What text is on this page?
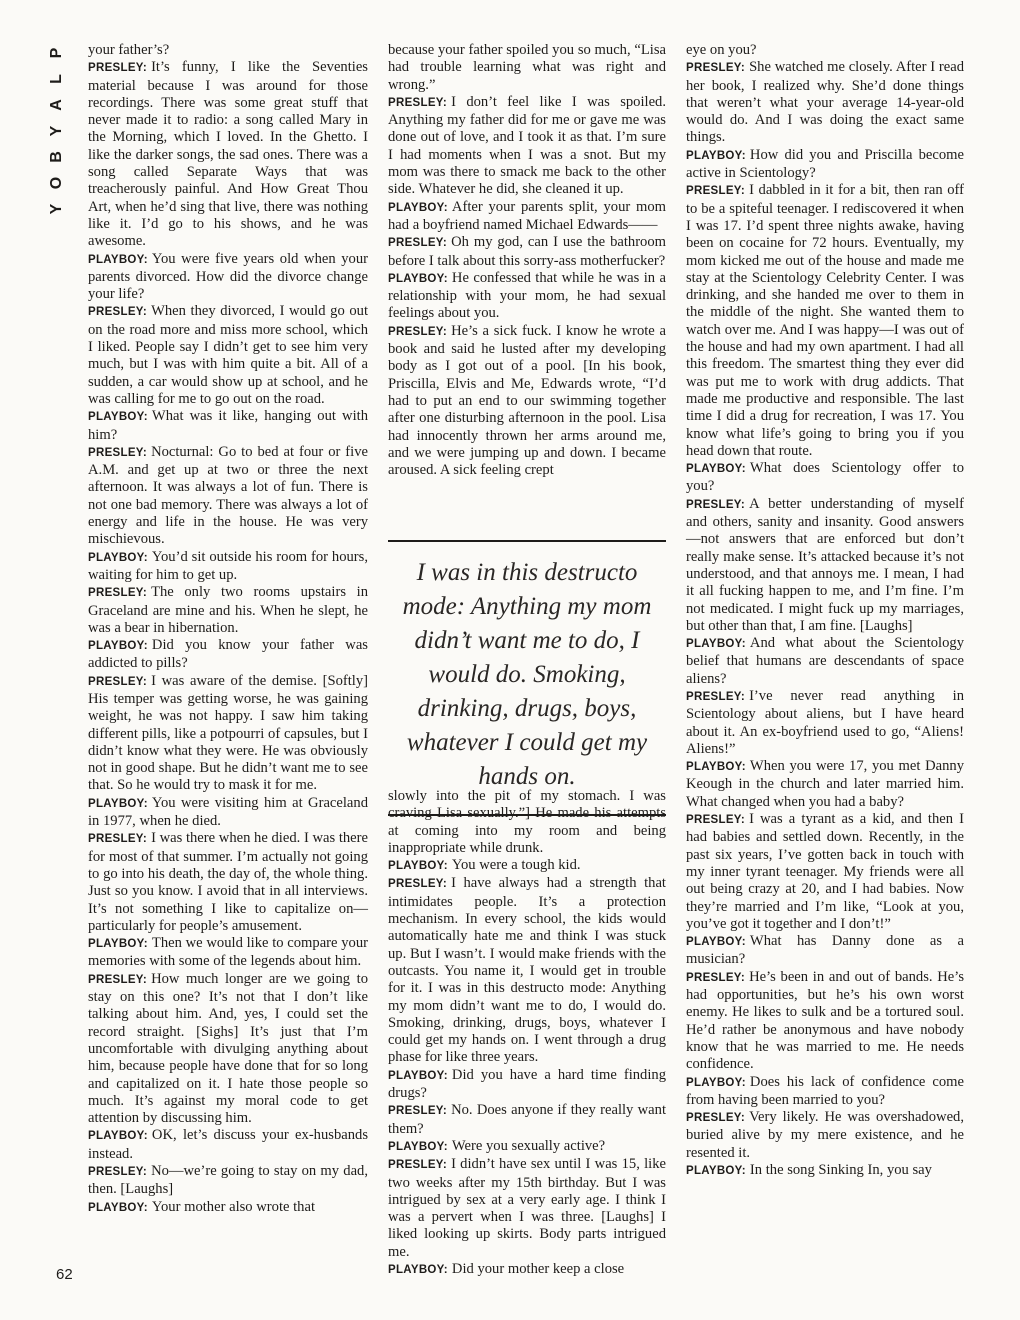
P
L
A
Y
B
O
Y
62

your father’s?

PRESLEY: It’s funny, I like the Seventies material because I was around for those recordings. There was some great stuff that never made it to radio: a song called Mary in the Morning, which I loved. In the Ghetto. I like the darker songs, the sad ones. There was a song called Separate Ways that was treacherously painful. And How Great Thou Art, when he’d sing that live, there was nothing like it. I’d go to his shows, and he was awesome.

PLAYBOY: You were five years old when your parents divorced. How did the divorce change your life?

PRESLEY: When they divorced, I would go out on the road more and miss more school, which I liked. People say I didn’t get to see him very much, but I was with him quite a bit. All of a sudden, a car would show up at school, and he was calling for me to go out on the road.

PLAYBOY: What was it like, hanging out with him?

PRESLEY: Nocturnal: Go to bed at four or five A.M. and get up at two or three the next afternoon. It was always a lot of fun. There is not one bad memory. There was always a lot of energy and life in the house. He was very mischievous.

PLAYBOY: You’d sit outside his room for hours, waiting for him to get up.

PRESLEY: The only two rooms upstairs in Graceland are mine and his. When he slept, he was a bear in hibernation.

PLAYBOY: Did you know your father was addicted to pills?

PRESLEY: I was aware of the demise. [Softly] His temper was getting worse, he was gaining weight, he was not happy. I saw him taking different pills, like a potpourri of capsules, but I didn’t know what they were. He was obviously not in good shape. But he didn’t want me to see that. So he would try to mask it for me.

PLAYBOY: You were visiting him at Graceland in 1977, when he died.

PRESLEY: I was there when he died. I was there for most of that summer. I’m actually not going to go into his death, the day of, the whole thing. Just so you know. I avoid that in all interviews. It’s not something I like to capitalize on—particularly for people’s amusement.

PLAYBOY: Then we would like to compare your memories with some of the legends about him.

PRESLEY: How much longer are we going to stay on this one? It’s not that I don’t like talking about him. And, yes, I could set the record straight. [Sighs] It’s just that I’m uncomfortable with divulging anything about him, because people have done that for so long and capitalized on it. I hate those people so much. It’s against my moral code to get attention by discussing him.

PLAYBOY: OK, let’s discuss your ex-husbands instead.

PRESLEY: No—we’re going to stay on my dad, then. [Laughs]

PLAYBOY: Your mother also wrote that

because your father spoiled you so much, “Lisa had trouble learning what was right and wrong.”

PRESLEY: I don’t feel like I was spoiled. Anything my father did for me or gave me was done out of love, and I took it as that. I’m sure I had moments when I was a snot. But my mom was there to smack me back to the other side. Whatever he did, she cleaned it up.

PLAYBOY: After your parents split, your mom had a boyfriend named Michael Edwards——

PRESLEY: Oh my god, can I use the bathroom before I talk about this sorry-ass motherfucker?

PLAYBOY: He confessed that while he was in a relationship with your mom, he had sexual feelings about you.

PRESLEY: He’s a sick fuck. I know he wrote a book and said he lusted after my developing body as I got out of a pool. [In his book, Priscilla, Elvis and Me, Edwards wrote, “I’d had to put an end to our swimming together after one disturbing afternoon in the pool. Lisa had innocently thrown her arms around me, and we were jumping up and down. I became aroused. A sick feeling crept

I was in this destructo mode: Anything my mom didn’t want me to do, I would do. Smoking, drinking, drugs, boys, whatever I could get my hands on.

slowly into the pit of my stomach. I was craving Lisa sexually.”] He made his attempts at coming into my room and being inappropriate while drunk.

PLAYBOY: You were a tough kid.

PRESLEY: I have always had a strength that intimidates people. It’s a protection mechanism. In every school, the kids would automatically hate me and think I was stuck up. But I wasn’t. I would make friends with the outcasts. You name it, I would get in trouble for it. I was in this destructo mode: Anything my mom didn’t want me to do, I would do. Smoking, drinking, drugs, boys, whatever I could get my hands on. I went through a drug phase for like three years.

PLAYBOY: Did you have a hard time finding drugs?

PRESLEY: No. Does anyone if they really want them?

PLAYBOY: Were you sexually active?

PRESLEY: I didn’t have sex until I was 15, like two weeks after my 15th birthday. But I was intrigued by sex at a very early age. I think I was a pervert when I was three. [Laughs] I liked looking up skirts. Body parts intrigued me.

PLAYBOY: Did your mother keep a close

eye on you?

PRESLEY: She watched me closely. After I read her book, I realized why. She’d done things that weren’t what your average 14-year-old would do. And I was doing the exact same things.

PLAYBOY: How did you and Priscilla become active in Scientology?

PRESLEY: I dabbled in it for a bit, then ran off to be a spiteful teenager. I rediscovered it when I was 17. I’d spent three nights awake, having been on cocaine for 72 hours. Eventually, my mom kicked me out of the house and made me stay at the Scientology Celebrity Center. I was drinking, and she handed me over to them in the middle of the night. She wanted them to watch over me. And I was happy—I was out of the house and had my own apartment. I had all this freedom. The smartest thing they ever did was put me to work with drug addicts. That made me productive and responsible. The last time I did a drug for recreation, I was 17. You know what life’s going to bring you if you head down that route.

PLAYBOY: What does Scientology offer to you?

PRESLEY: A better understanding of myself and others, sanity and insanity. Good answers—not answers that are enforced but don’t really make sense. It’s attacked because it’s not understood, and that annoys me. I mean, I had it all fucking happen to me, and I’m fine. I’m not medicated. I might fuck up my marriages, but other than that, I am fine. [Laughs]

PLAYBOY: And what about the Scientology belief that humans are descendants of space aliens?

PRESLEY: I’ve never read anything in Scientology about aliens, but I have heard about it. An ex-boyfriend used to go, “Aliens! Aliens!”

PLAYBOY: When you were 17, you met Danny Keough in the church and later married him. What changed when you had a baby?

PRESLEY: I was a tyrant as a kid, and then I had babies and settled down. Recently, in the past six years, I’ve gotten back in touch with my inner tyrant teenager. My friends were all out being crazy at 20, and I had babies. Now they’re married and I’m like, “Look at you, you’ve got it together and I don’t!”

PLAYBOY: What has Danny done as a musician?

PRESLEY: He’s been in and out of bands. He’s had opportunities, but he’s his own worst enemy. He likes to sulk and be a tortured soul. He’d rather be anonymous and have nobody know that he was married to me. He needs confidence.

PLAYBOY: Does his lack of confidence come from having been married to you?

PRESLEY: Very likely. He was overshadowed, buried alive by my mere existence, and he resented it.

PLAYBOY: In the song Sinking In, you say
